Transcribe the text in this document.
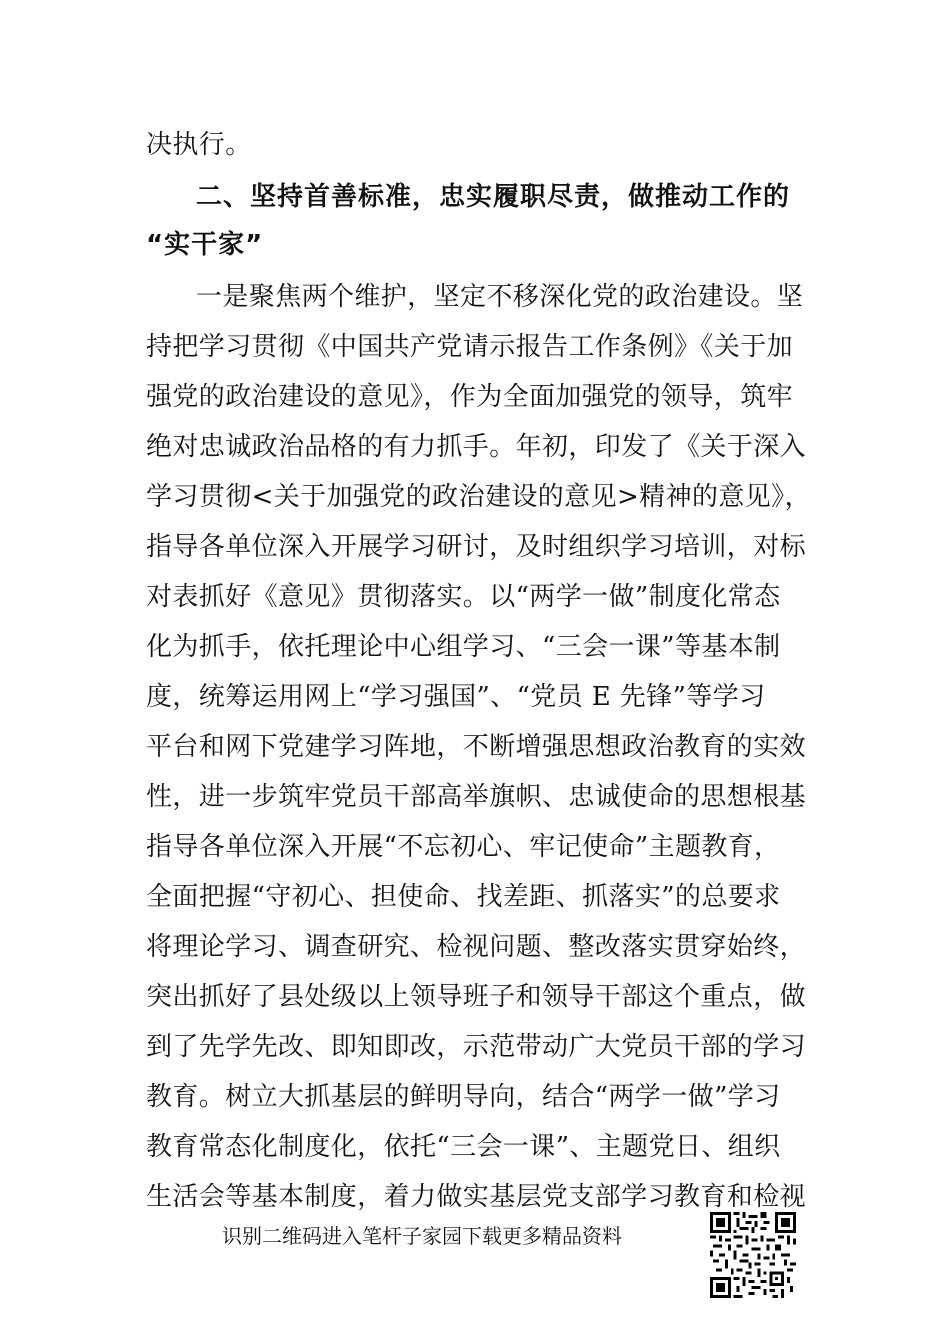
决执行。
二、坚持首善标准，忠实履职尽责，做推动工作的
“实干家”
一是聚焦两个维护，坚定不移深化党的政治建设。坚
持把学习贯彻《中国共产党请示报告工作条例》《关于加
强党的政治建设的意见》，作为全面加强党的领导，筑牢
绝对忠诚政治品格的有力抓手。年初，印发了《关于深入
学习贯彻<关于加强党的政治建设的意见>精神的意见》，
指导各单位深入开展学习研讨，及时组织学习培训，对标
对表抓好《意见》贯彻落实。以“两学一做”制度化常态
化为抓手，依托理论中心组学习、“三会一课”等基本制
度，统筹运用网上“学习强国”、“党员 E 先锋”等学习
平台和网下党建学习阵地，不断增强思想政治教育的实效
性，进一步筑牢党员干部高举旗帜、忠诚使命的思想根基
指导各单位深入开展“不忘初心、牢记使命”主题教育，
全面把握“守初心、担使命、找差距、抓落实”的总要求
将理论学习、调查研究、检视问题、整改落实贯穿始终，
突出抓好了县处级以上领导班子和领导干部这个重点，做
到了先学先改、即知即改，示范带动广大党员干部的学习
教育。树立大抓基层的鲜明导向，结合“两学一做”学习
教育常态化制度化，依托“三会一课”、主题党日、组织
生活会等基本制度，着力做实基层党支部学习教育和检视
识别二维码进入笔杆子家园下载更多精品资料
